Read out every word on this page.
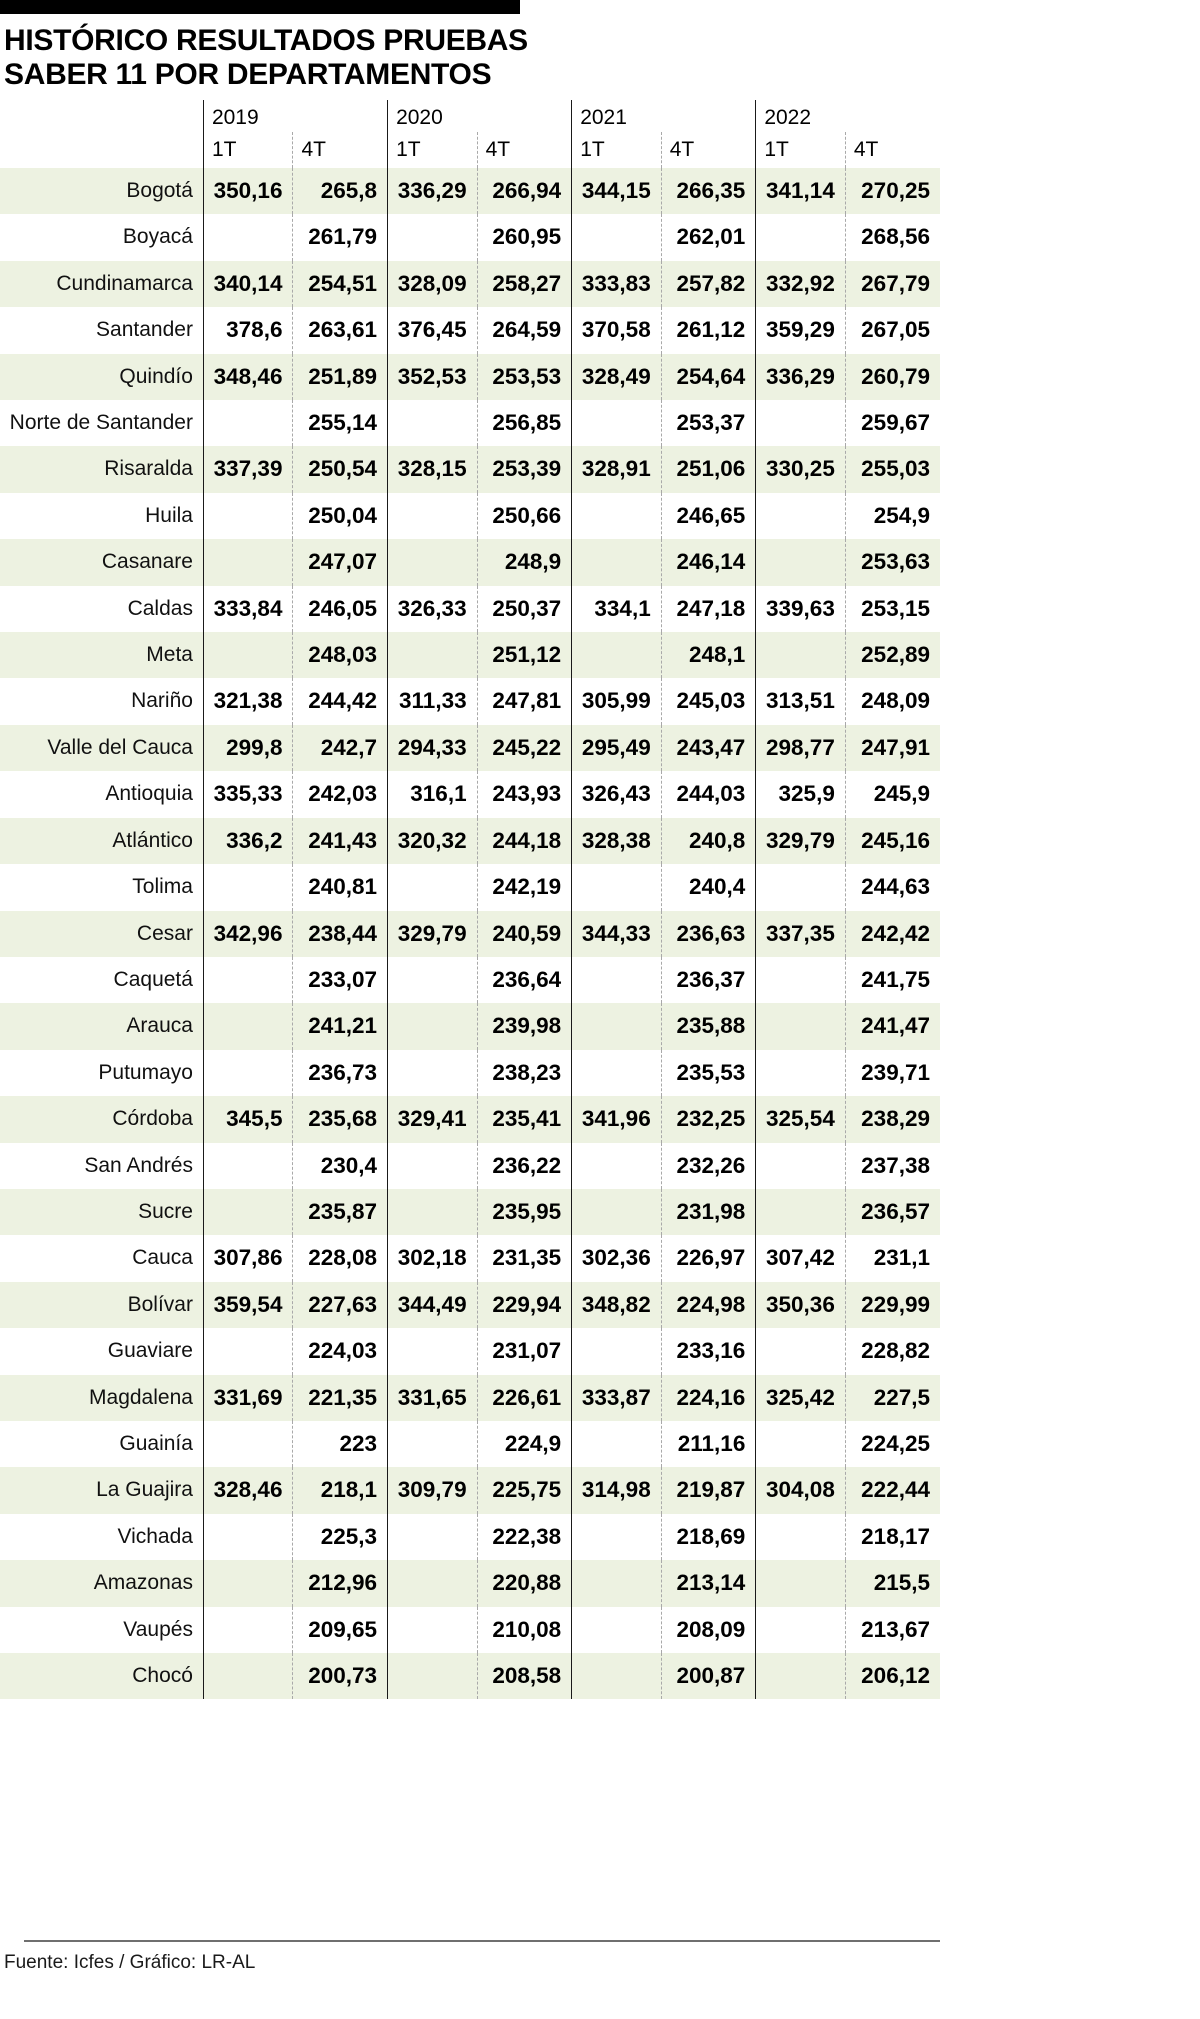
HISTÓRICO RESULTADOS PRUEBAS
SABER 11 POR DEPARTAMENTOS
	2019		2020		2021		2022	
	1T	4T	1T	4T	1T	4T	1T	4T
Bogotá	350,16	265,8	336,29	266,94	344,15	266,35	341,14	270,25
Boyacá		261,79		260,95		262,01		268,56
Cundinamarca	340,14	254,51	328,09	258,27	333,83	257,82	332,92	267,79
Santander	378,6	263,61	376,45	264,59	370,58	261,12	359,29	267,05
Quindío	348,46	251,89	352,53	253,53	328,49	254,64	336,29	260,79
Norte de Santander		255,14		256,85		253,37		259,67
Risaralda	337,39	250,54	328,15	253,39	328,91	251,06	330,25	255,03
Huila		250,04		250,66		246,65		254,9
Casanare		247,07		248,9		246,14		253,63
Caldas	333,84	246,05	326,33	250,37	334,1	247,18	339,63	253,15
Meta		248,03		251,12		248,1		252,89
Nariño	321,38	244,42	311,33	247,81	305,99	245,03	313,51	248,09
Valle del Cauca	299,8	242,7	294,33	245,22	295,49	243,47	298,77	247,91
Antioquia	335,33	242,03	316,1	243,93	326,43	244,03	325,9	245,9
Atlántico	336,2	241,43	320,32	244,18	328,38	240,8	329,79	245,16
Tolima		240,81		242,19		240,4		244,63
Cesar	342,96	238,44	329,79	240,59	344,33	236,63	337,35	242,42
Caquetá		233,07		236,64		236,37		241,75
Arauca		241,21		239,98		235,88		241,47
Putumayo		236,73		238,23		235,53		239,71
Córdoba	345,5	235,68	329,41	235,41	341,96	232,25	325,54	238,29
San Andrés		230,4		236,22		232,26		237,38
Sucre		235,87		235,95		231,98		236,57
Cauca	307,86	228,08	302,18	231,35	302,36	226,97	307,42	231,1
Bolívar	359,54	227,63	344,49	229,94	348,82	224,98	350,36	229,99
Guaviare		224,03		231,07		233,16		228,82
Magdalena	331,69	221,35	331,65	226,61	333,87	224,16	325,42	227,5
Guainía		223		224,9		211,16		224,25
La Guajira	328,46	218,1	309,79	225,75	314,98	219,87	304,08	222,44
Vichada		225,3		222,38		218,69		218,17
Amazonas		212,96		220,88		213,14		215,5
Vaupés		209,65		210,08		208,09		213,67
Chocó		200,73		208,58		200,87		206,12
Fuente: Icfes / Gráfico: LR-AL
